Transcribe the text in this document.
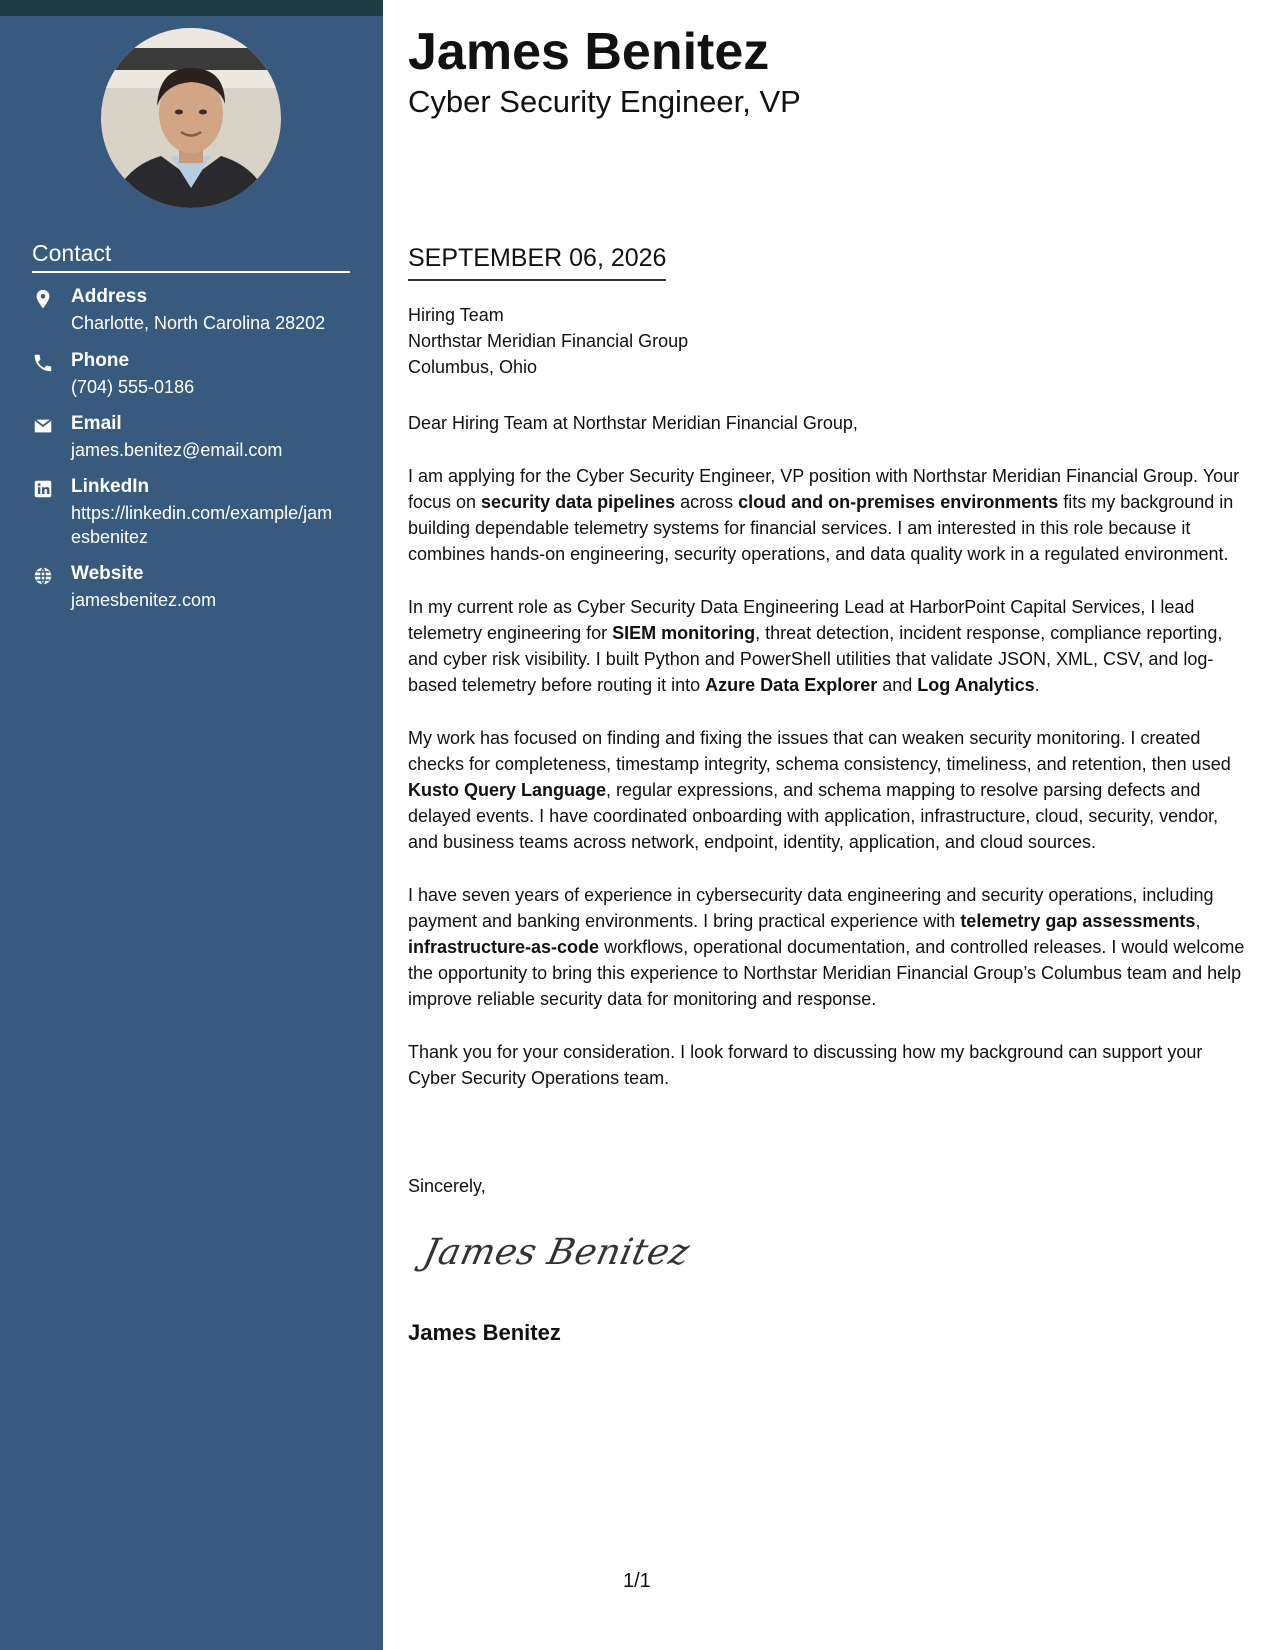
Contact
Address
Charlotte, North Carolina 28202
Phone
(704) 555-0186
Email
james.benitez@email.com
LinkedIn
https://linkedin.com/example/jamesbenitez
Website
jamesbenitez.com
James Benitez
Cyber Security Engineer, VP
SEPTEMBER 06, 2026
Hiring Team
Northstar Meridian Financial Group
Columbus, Ohio

Dear Hiring Team at Northstar Meridian Financial Group,

I am applying for the Cyber Security Engineer, VP position with Northstar Meridian Financial Group. Your focus on security data pipelines across cloud and on-premises environments fits my background in building dependable telemetry systems for financial services. I am interested in this role because it combines hands-on engineering, security operations, and data quality work in a regulated environment.

In my current role as Cyber Security Data Engineering Lead at HarborPoint Capital Services, I lead telemetry engineering for SIEM monitoring, threat detection, incident response, compliance reporting, and cyber risk visibility. I built Python and PowerShell utilities that validate JSON, XML, CSV, and log-based telemetry before routing it into Azure Data Explorer and Log Analytics.

My work has focused on finding and fixing the issues that can weaken security monitoring. I created checks for completeness, timestamp integrity, schema consistency, timeliness, and retention, then used Kusto Query Language, regular expressions, and schema mapping to resolve parsing defects and delayed events. I have coordinated onboarding with application, infrastructure, cloud, security, vendor, and business teams across network, endpoint, identity, application, and cloud sources.

I have seven years of experience in cybersecurity data engineering and security operations, including payment and banking environments. I bring practical experience with telemetry gap assessments, infrastructure-as-code workflows, operational documentation, and controlled releases. I would welcome the opportunity to bring this experience to Northstar Meridian Financial Group’s Columbus team and help improve reliable security data for monitoring and response.

Thank you for your consideration. I look forward to discussing how my background can support your Cyber Security Operations team.

Sincerely,
James Benitez
James Benitez
1/1
